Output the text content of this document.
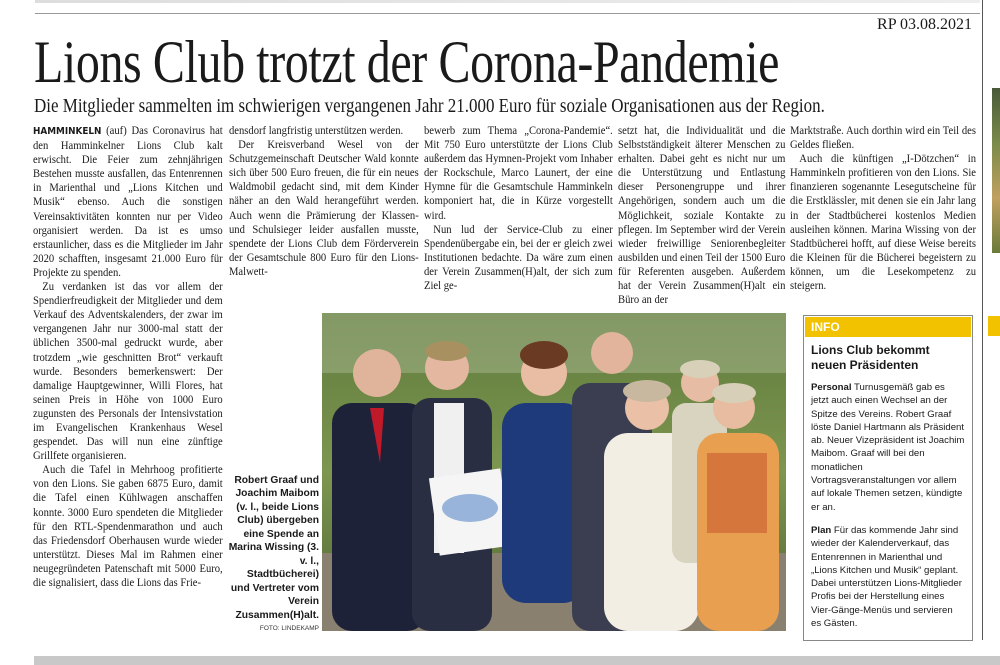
RP 03.08.2021
Lions Club trotzt der Corona-Pandemie
Die Mitglieder sammelten im schwierigen vergangenen Jahr 21.000 Euro für soziale Organisationen aus der Region.

HAMMINKELN (auf) Das Coronavirus hat den Hamminkelner Lions Club kalt erwischt. Die Feier zum zehnjährigen Bestehen musste ausfallen, das Entenrennen in Marienthal und „Lions Kitchen und Musik“ ebenso. Auch die sonstigen Vereinsaktivitäten konnten nur per Video organisiert werden. Da ist es umso erstaunlicher, dass es die Mitglieder im Jahr 2020 schafften, insgesamt 21.000 Euro für Projekte zu spenden.

Zu verdanken ist das vor allem der Spendierfreudigkeit der Mitglieder und dem Verkauf des Adventskalenders, der zwar im vergangenen Jahr nur 3000-mal statt der üblichen 3500-mal gedruckt wurde, aber trotzdem „wie geschnitten Brot“ verkauft wurde. Besonders bemerkenswert: Der damalige Hauptgewinner, Willi Flores, hat seinen Preis in Höhe von 1000 Euro zugunsten des Personals der Intensivstation im Evangelischen Krankenhaus Wesel gespendet. Das will nun eine zünftige Grillfete organisieren.

Auch die Tafel in Mehrhoog profitierte von den Lions. Sie gaben 6875 Euro, damit die Tafel einen Kühlwagen anschaffen konnte. 3000 Euro spendeten die Mitglieder für den RTL-Spendenmarathon und auch das Friedensdorf Oberhausen wurde wieder unterstützt. Dieses Mal im Rahmen einer neugegründeten Patenschaft mit 5000 Euro, die signalisiert, dass die Lions das Frie-

densdorf langfristig unterstützen werden.

Der Kreisverband Wesel von der Schutzgemeinschaft Deutscher Wald konnte sich über 500 Euro freuen, die für ein neues Waldmobil gedacht sind, mit dem Kinder näher an den Wald herangeführt werden. Auch wenn die Prämierung der Klassen- und Schulsieger leider ausfallen musste, spendete der Lions Club dem Förderverein der Gesamtschule 800 Euro für den Lions-Malwett-

bewerb zum Thema „Corona-Pandemie“. Mit 750 Euro unterstützte der Lions Club außerdem das Hymnen-Projekt vom Inhaber der Rockschule, Marco Launert, der eine Hymne für die Gesamtschule Hamminkeln komponiert hat, die in Kürze vorgestellt wird.

Nun lud der Service-Club zu einer Spendenübergabe ein, bei der er gleich zwei Institutionen bedachte. Da wäre zum einen der Verein Zusammen(H)alt, der sich zum Ziel ge-

setzt hat, die Individualität und die Selbstständigkeit älterer Menschen zu erhalten. Dabei geht es nicht nur um die Unterstützung und Entlastung dieser Personengruppe und ihrer Angehörigen, sondern auch um die Möglichkeit, soziale Kontakte zu pflegen. Im September wird der Verein wieder freiwillige Seniorenbegleiter ausbilden und einen Teil der 1500 Euro für Referenten ausgeben. Außerdem hat der Verein Zusammen(H)alt ein Büro an der

Marktstraße. Auch dorthin wird ein Teil des Geldes fließen.

Auch die künftigen „I-Dötzchen“ in Hamminkeln profitieren von den Lions. Sie finanzieren sogenannte Lesegutscheine für die Erstklässler, mit denen sie ein Jahr lang in der Stadtbücherei kostenlos Medien ausleihen können. Marina Wissing von der Stadtbücherei hofft, auf diese Weise bereits die Kleinen für die Bücherei begeistern zu können, um die Lesekompetenz zu steigern.

Robert Graaf und Joachim Maibom (v. l., beide Lions Club) übergeben eine Spende an Marina Wissing (3. v. l., Stadtbücherei) und Vertreter vom Verein Zusammen(H)alt.
FOTO: LINDEKAMP
INFO
Lions Club bekommt neuen Präsidenten

Personal Turnusgemäß gab es jetzt auch einen Wechsel an der Spitze des Vereins. Robert Graaf löste Daniel Hartmann als Präsident ab. Neuer Vizepräsident ist Joachim Maibom. Graaf will bei den monatlichen Vortragsveranstaltungen vor allem auf lokale Themen setzen, kündigte er an.

Plan Für das kommende Jahr sind wieder der Kalenderverkauf, das Entenrennen in Marienthal und „Lions Kitchen und Musik“ geplant. Dabei unterstützen Lions-Mitglieder Profis bei der Herstellung eines Vier-Gänge-Menüs und servieren es Gästen.
